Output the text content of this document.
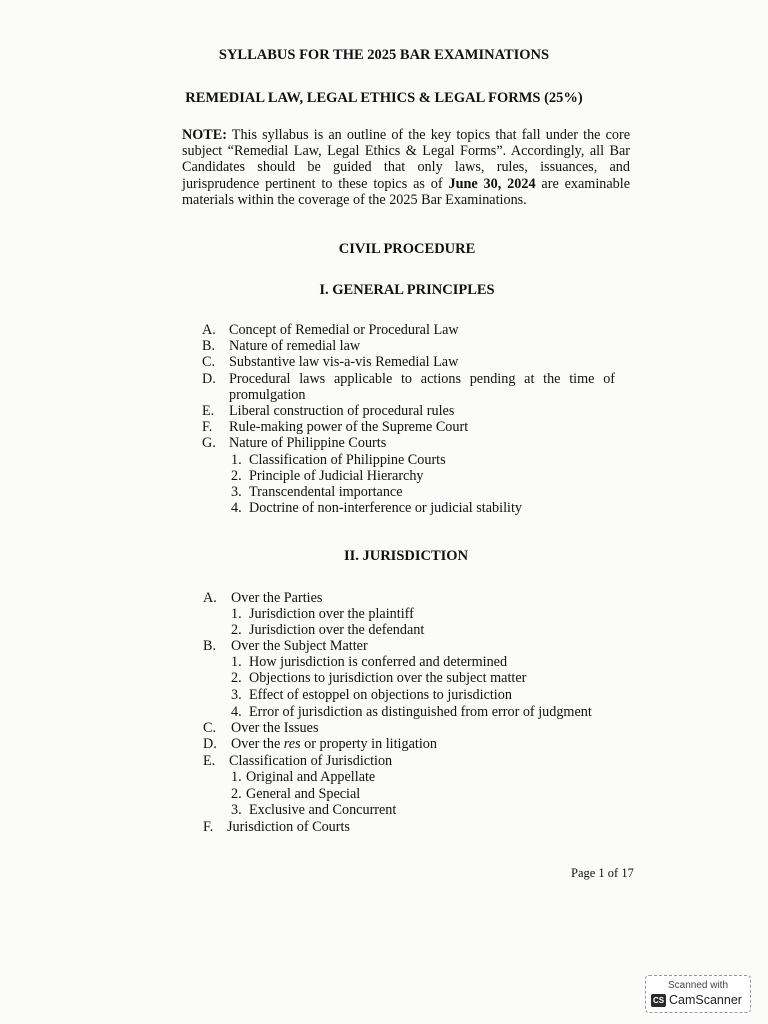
SYLLABUS FOR THE 2025 BAR EXAMINATIONS
REMEDIAL LAW, LEGAL ETHICS & LEGAL FORMS (25%)
NOTE: This syllabus is an outline of the key topics that fall under the core subject “Remedial Law, Legal Ethics & Legal Forms”. Accordingly, all Bar Candidates should be guided that only laws, rules, issuances, and jurisprudence pertinent to these topics as of June 30, 2024 are examinable materials within the coverage of the 2025 Bar Examinations.
CIVIL PROCEDURE
I. GENERAL PRINCIPLES
A. Concept of Remedial or Procedural Law
B. Nature of remedial law
C. Substantive law vis-a-vis Remedial Law
D. Procedural laws applicable to actions pending at the time of
promulgation
E. Liberal construction of procedural rules
F. Rule-making power of the Supreme Court
G. Nature of Philippine Courts
1. Classification of Philippine Courts
2. Principle of Judicial Hierarchy
3. Transcendental importance
4. Doctrine of non-interference or judicial stability
II. JURISDICTION
A. Over the Parties
1. Jurisdiction over the plaintiff
2. Jurisdiction over the defendant
B. Over the Subject Matter
1. How jurisdiction is conferred and determined
2. Objections to jurisdiction over the subject matter
3. Effect of estoppel on objections to jurisdiction
4. Error of jurisdiction as distinguished from error of judgment
C. Over the Issues
D. Over the res or property in litigation
E. Classification of Jurisdiction
1. Original and Appellate
2. General and Special
3. Exclusive and Concurrent
F. Jurisdiction of Courts
Page 1 of 17
Scanned with
CS CamScanner
